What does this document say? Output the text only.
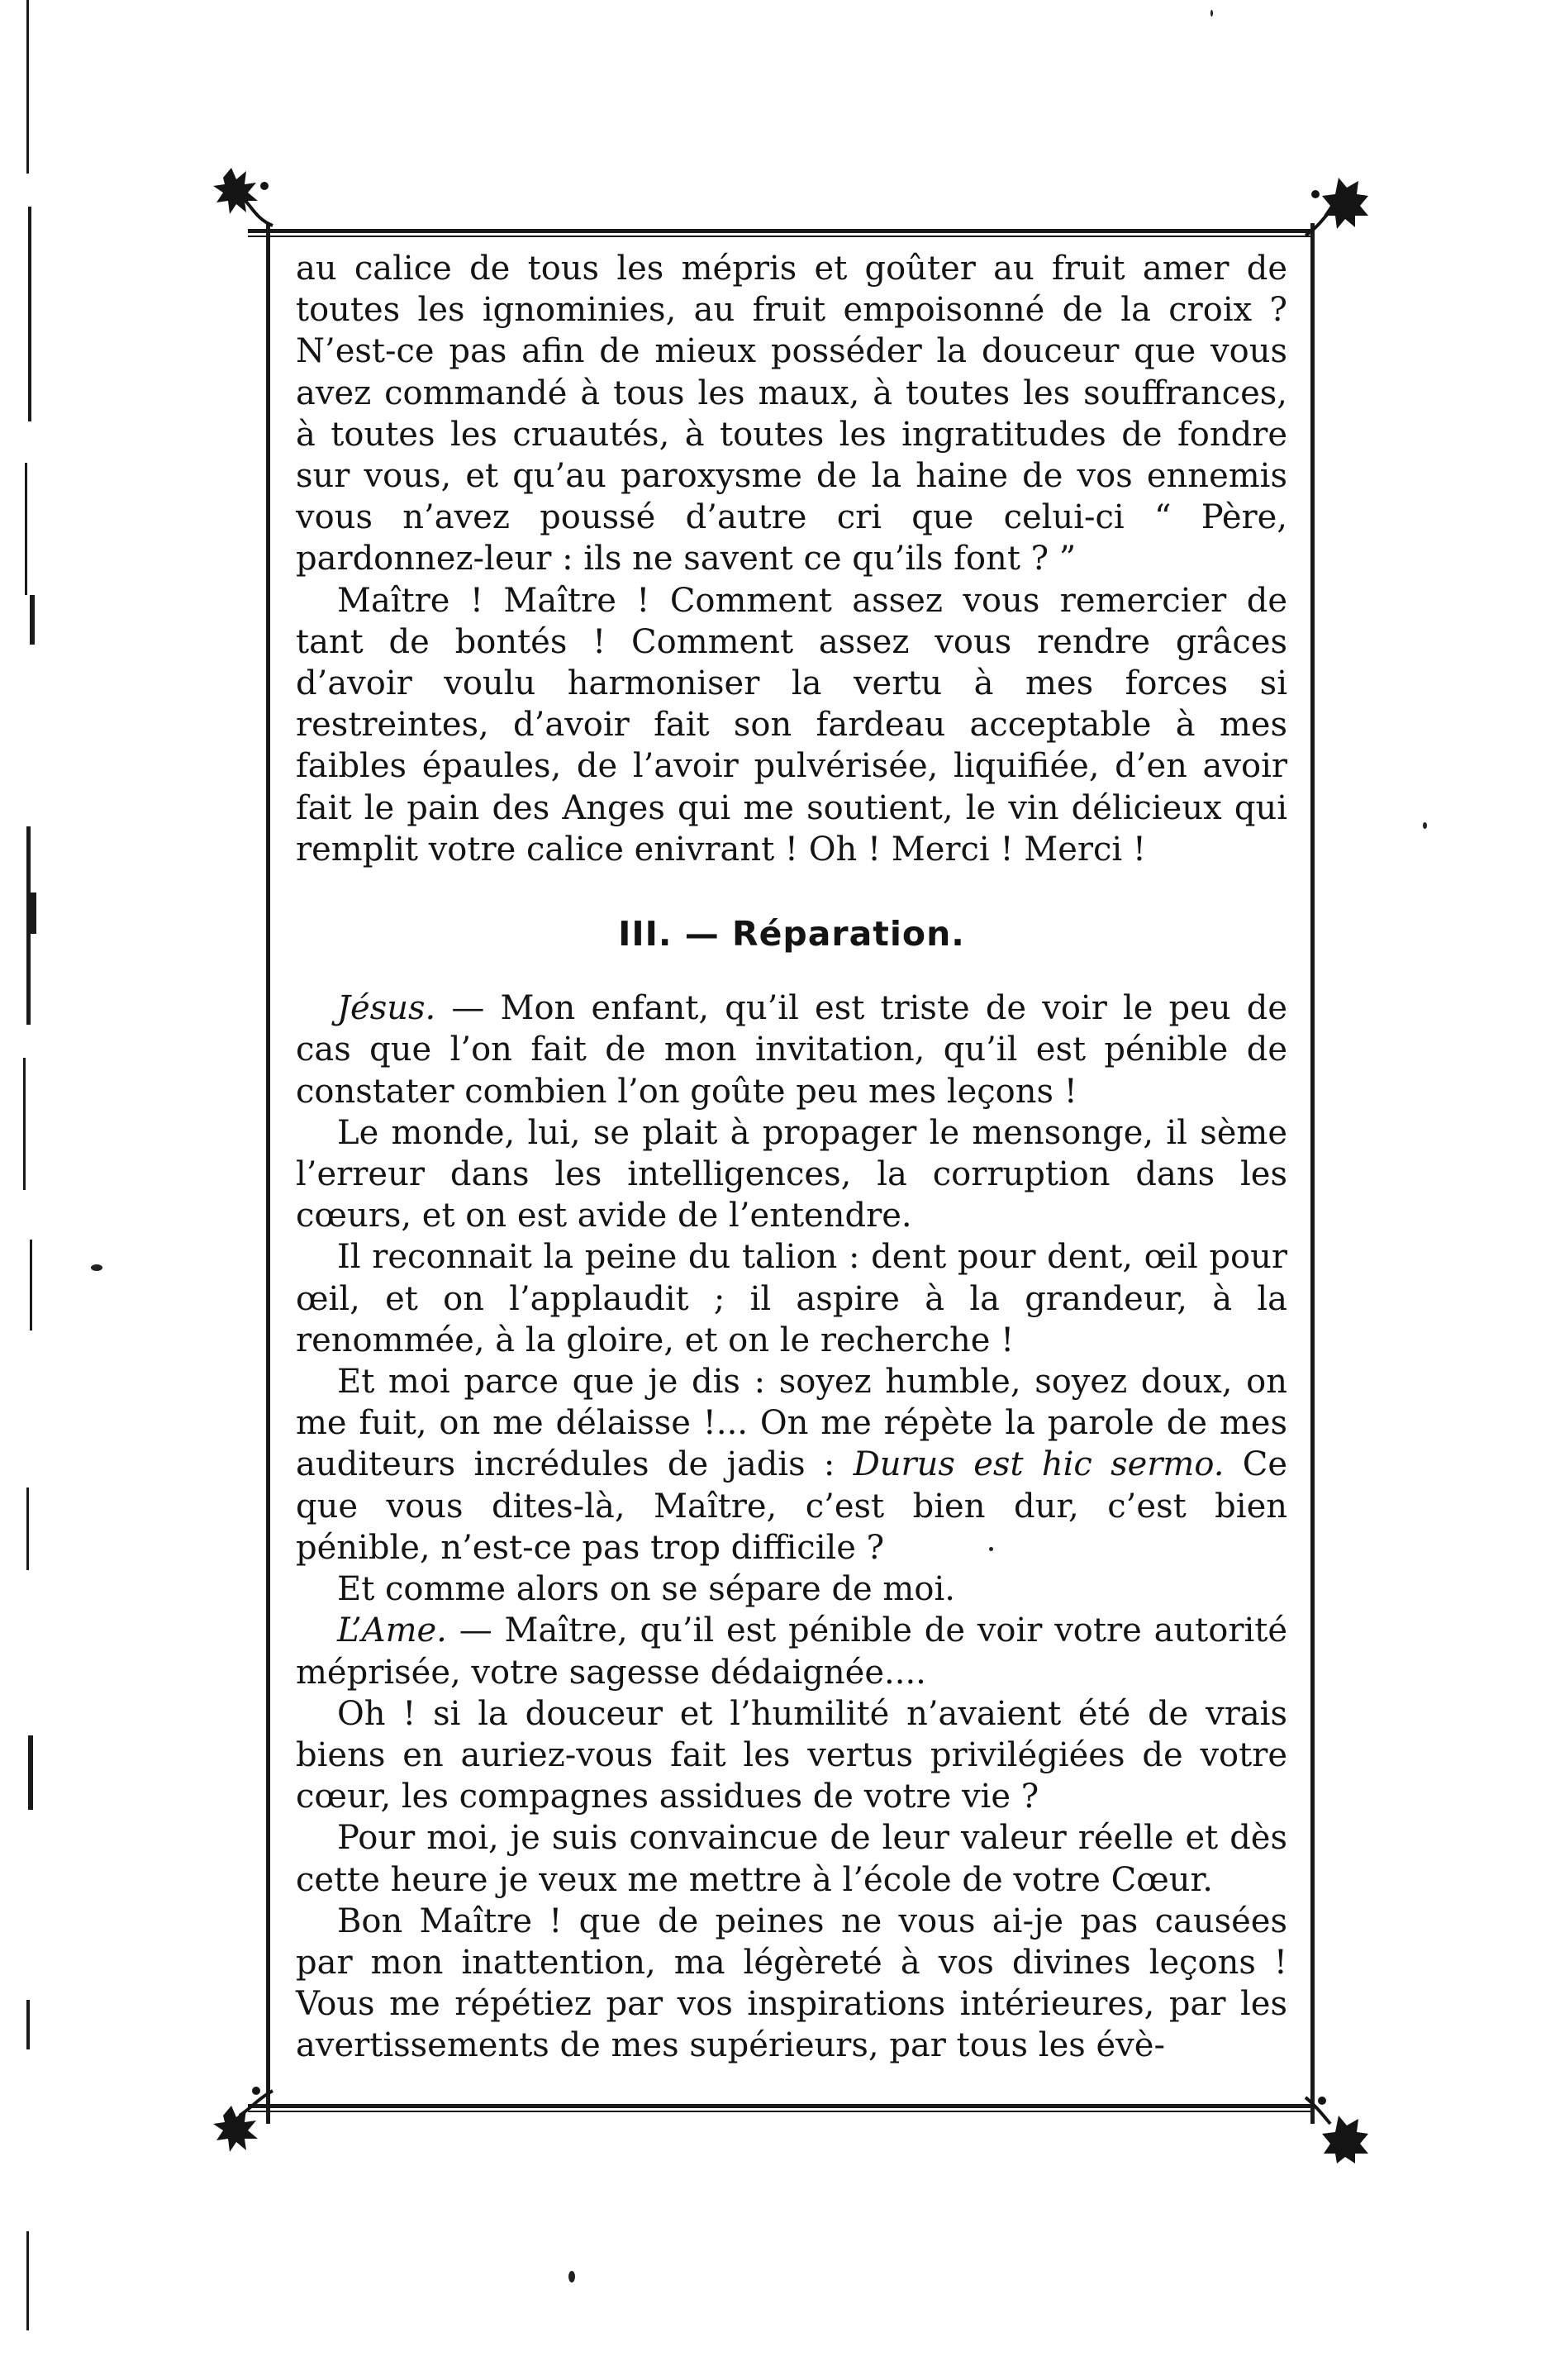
au calice de tous les mépris et goûter au fruit amer de toutes les ignominies, au fruit empoisonné de la croix ? N’est-ce pas afin de mieux posséder la douceur que vous avez commandé à tous les maux, à toutes les souffrances, à toutes les cruautés, à toutes les ingratitudes de fondre sur vous, et qu’au paroxysme de la haine de vos ennemis vous n’avez poussé d’autre cri que celui-ci “ Père, pardonnez-leur : ils ne savent ce qu’ils font ? ”

Maître ! Maître ! Comment assez vous remercier de tant de bontés ! Comment assez vous rendre grâces d’avoir voulu harmoniser la vertu à mes forces si restreintes, d’avoir fait son fardeau acceptable à mes faibles épaules, de l’avoir pulvérisée, liquifiée, d’en avoir fait le pain des Anges qui me soutient, le vin délicieux qui remplit votre calice enivrant ! Oh ! Merci ! Merci !

III. — Réparation.

Jésus. — Mon enfant, qu’il est triste de voir le peu de cas que l’on fait de mon invitation, qu’il est pénible de constater combien l’on goûte peu mes leçons !

Le monde, lui, se plait à propager le mensonge, il sème l’erreur dans les intelligences, la corruption dans les cœurs, et on est avide de l’entendre.

Il reconnait la peine du talion : dent pour dent, œil pour œil, et on l’applaudit ; il aspire à la grandeur, à la renommée, à la gloire, et on le recherche !

Et moi parce que je dis : soyez humble, soyez doux, on me fuit, on me délaisse !... On me répète la parole de mes auditeurs incrédules de jadis : Durus est hic sermo. Ce que vous dites-là, Maître, c’est bien dur, c’est bien pénible, n’est-ce pas trop difficile ?

Et comme alors on se sépare de moi.

L’Ame. — Maître, qu’il est pénible de voir votre autorité méprisée, votre sagesse dédaignée....

Oh ! si la douceur et l’humilité n’avaient été de vrais biens en auriez-vous fait les vertus privilégiées de votre cœur, les compagnes assidues de votre vie ?

Pour moi, je suis convaincue de leur valeur réelle et dès cette heure je veux me mettre à l’école de votre Cœur.

Bon Maître ! que de peines ne vous ai-je pas causées par mon inattention, ma légèreté à vos divines leçons ! Vous me répétiez par vos inspirations intérieures, par les avertissements de mes supérieurs, par tous les évè-
